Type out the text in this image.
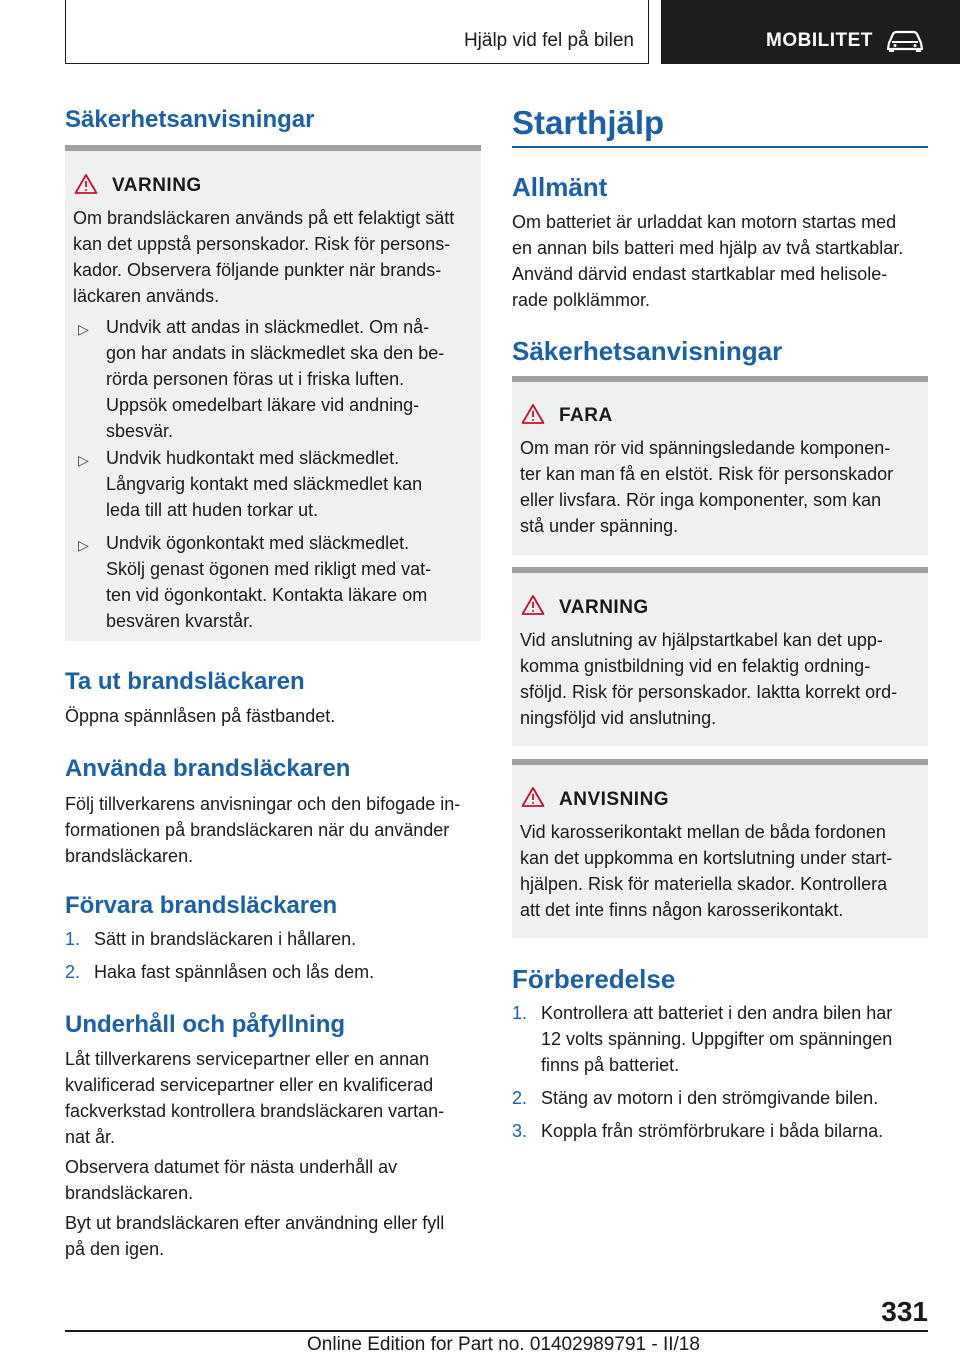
Hjälp vid fel på bilen	MOBILITET
Säkerhetsanvisningar
VARNING
Om brandsläckaren används på ett felaktigt sätt
kan det uppstå personskador. Risk för persons-
kador. Observera följande punkter när brands-
läckaren används.
▷ Undvik att andas in släckmedlet. Om nå-
gon har andats in släckmedlet ska den be-
rörda personen föras ut i friska luften.
Uppsök omedelbart läkare vid andning-
sbesvär.
▷ Undvik hudkontakt med släckmedlet.
Långvarig kontakt med släckmedlet kan
leda till att huden torkar ut.
▷ Undvik ögonkontakt med släckmedlet.
Skölj genast ögonen med rikligt med vat-
ten vid ögonkontakt. Kontakta läkare om
besvären kvarstår.
Ta ut brandsläckaren
Öppna spännlåsen på fästbandet.
Använda brandsläckaren
Följ tillverkarens anvisningar och den bifogade in-
formationen på brandsläckaren när du använder
brandsläckaren.
Förvara brandsläckaren
1. Sätt in brandsläckaren i hållaren.
2. Haka fast spännlåsen och lås dem.
Underhåll och påfyllning
Låt tillverkarens servicepartner eller en annan
kvalificerad servicepartner eller en kvalificerad
fackverkstad kontrollera brandsläckaren vartan-
nat år.
Observera datumet för nästa underhåll av
brandsläckaren.
Byt ut brandsläckaren efter användning eller fyll
på den igen.
Starthjälp
Allmänt
Om batteriet är urladdat kan motorn startas med
en annan bils batteri med hjälp av två startkablar.
Använd därvid endast startkablar med helisole-
rade polklämmor.
Säkerhetsanvisningar
FARA
Om man rör vid spänningsledande komponen-
ter kan man få en elstöt. Risk för personskador
eller livsfara. Rör inga komponenter, som kan
stå under spänning.
VARNING
Vid anslutning av hjälpstartkabel kan det upp-
komma gnistbildning vid en felaktig ordning-
sföljd. Risk för personskador. Iaktta korrekt ord-
ningsföljd vid anslutning.
ANVISNING
Vid karosserikontakt mellan de båda fordonen
kan det uppkomma en kortslutning under start-
hjälpen. Risk för materiella skador. Kontrollera
att det inte finns någon karosserikontakt.
Förberedelse
1. Kontrollera att batteriet i den andra bilen har
12 volts spänning. Uppgifter om spänningen
finns på batteriet.
2. Stäng av motorn i den strömgivande bilen.
3. Koppla från strömförbrukare i båda bilarna.
331
Online Edition for Part no. 01402989791 - II/18
